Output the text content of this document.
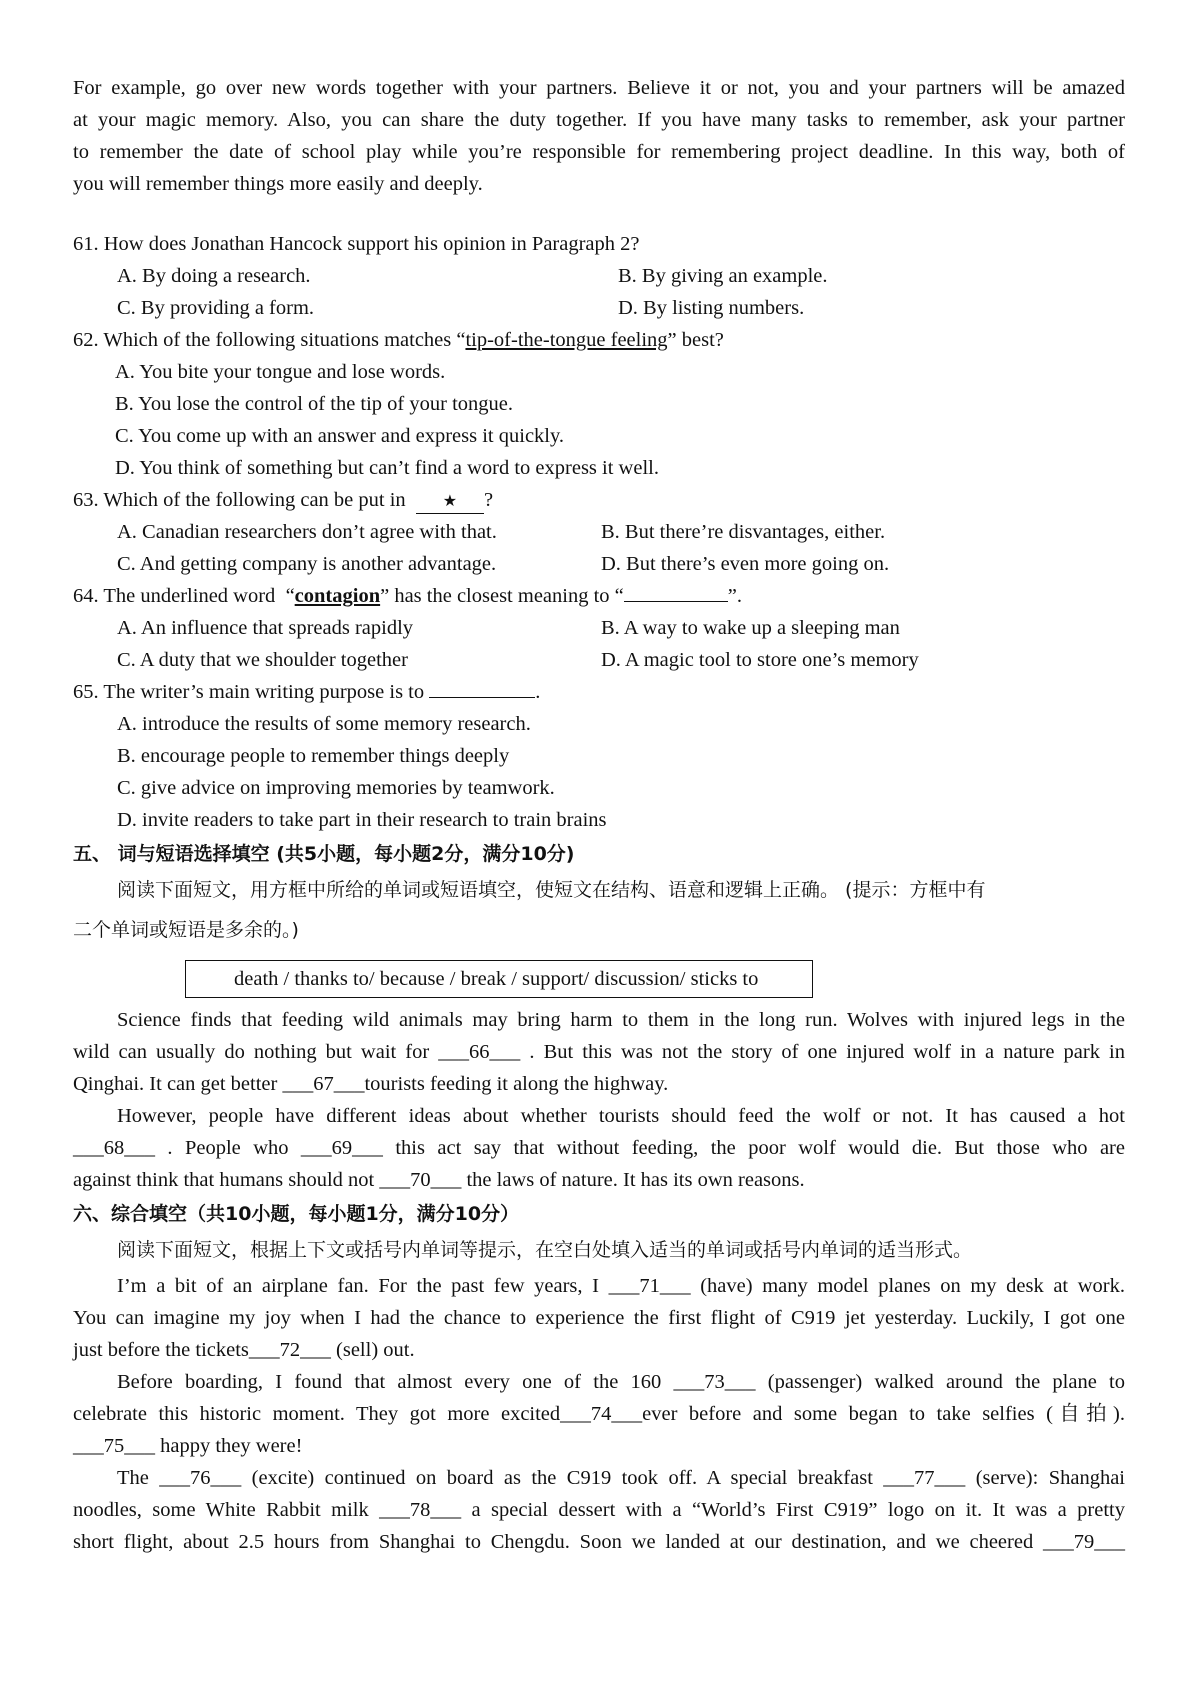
For example, go over new words together with your partners. Believe it or not, you and your partners will be amazed

at your magic memory. Also, you can share the duty together. If you have many tasks to remember, ask your partner

to remember the date of school play while you’re responsible for remembering project deadline. In this way, both of

you will remember things more easily and deeply.

61. How does Jonathan Hancock support his opinion in Paragraph 2?

A. By doing a research.	B. By giving an example.
C. By providing a form.	D. By listing numbers.

62. Which of the following situations matches “tip-of-the-tongue feeling” best?

A. You bite your tongue and lose words.

B. You lose the control of the tip of your tongue.

C. You come up with an answer and express it quickly.

D. You think of something but can’t find a word to express it well.

63. Which of the following can be put in ★ ?

A. Canadian researchers don’t agree with that.	B. But there’re disvantages, either.
C. And getting company is another advantage.	D. But there’s even more going on.

64. The underlined word “contagion” has the closest meaning to “	”.

A. An influence that spreads rapidly	B. A way to wake up a sleeping man
C. A duty that we shoulder together	D. A magic tool to store one’s memory

65. The writer’s main writing purpose is to	.

A. introduce the results of some memory research.

B. encourage people to remember things deeply

C. give advice on improving memories by teamwork.

D. invite readers to take part in their research to train brains

五、 词与短语选择填空 (共5小题，每小题2分，满分10分)

阅读下面短文，用方框中所给的单词或短语填空，使短文在结构、语意和逻辑上正确。 (提示：方框中有

二个单词或短语是多余的。)

death / thanks to/ because / break / support/ discussion/ sticks to

Science finds that feeding wild animals may bring harm to them in the long run. Wolves with injured legs in the

wild can usually do nothing but wait for ___66___ . But this was not the story of one injured wolf in a nature park in

Qinghai. It can get better ___67___tourists feeding it along the highway.

However, people have different ideas about whether tourists should feed the wolf or not. It has caused a hot

___68___ . People who ___69___ this act say that without feeding, the poor wolf would die. But those who are

against think that humans should not ___70___ the laws of nature. It has its own reasons.

六、综合填空（共10小题，每小题1分，满分10分）

阅读下面短文，根据上下文或括号内单词等提示，在空白处填入适当的单词或括号内单词的适当形式。

I’m a bit of an airplane fan. For the past few years, I ___71___ (have) many model planes on my desk at work.

You can imagine my joy when I had the chance to experience the first flight of C919 jet yesterday. Luckily, I got one

just before the tickets___72___ (sell) out.

Before boarding, I found that almost every one of the 160 ___73___ (passenger) walked around the plane to

celebrate this historic moment. They got more excited___74___ever before and some began to take selfies (自拍).

___75___ happy they were!

The ___76___ (excite) continued on board as the C919 took off. A special breakfast ___77___ (serve): Shanghai

noodles, some White Rabbit milk ___78___ a special dessert with a “World’s First C919” logo on it. It was a pretty

short flight, about 2.5 hours from Shanghai to Chengdu. Soon we landed at our destination, and we cheered ___79___
